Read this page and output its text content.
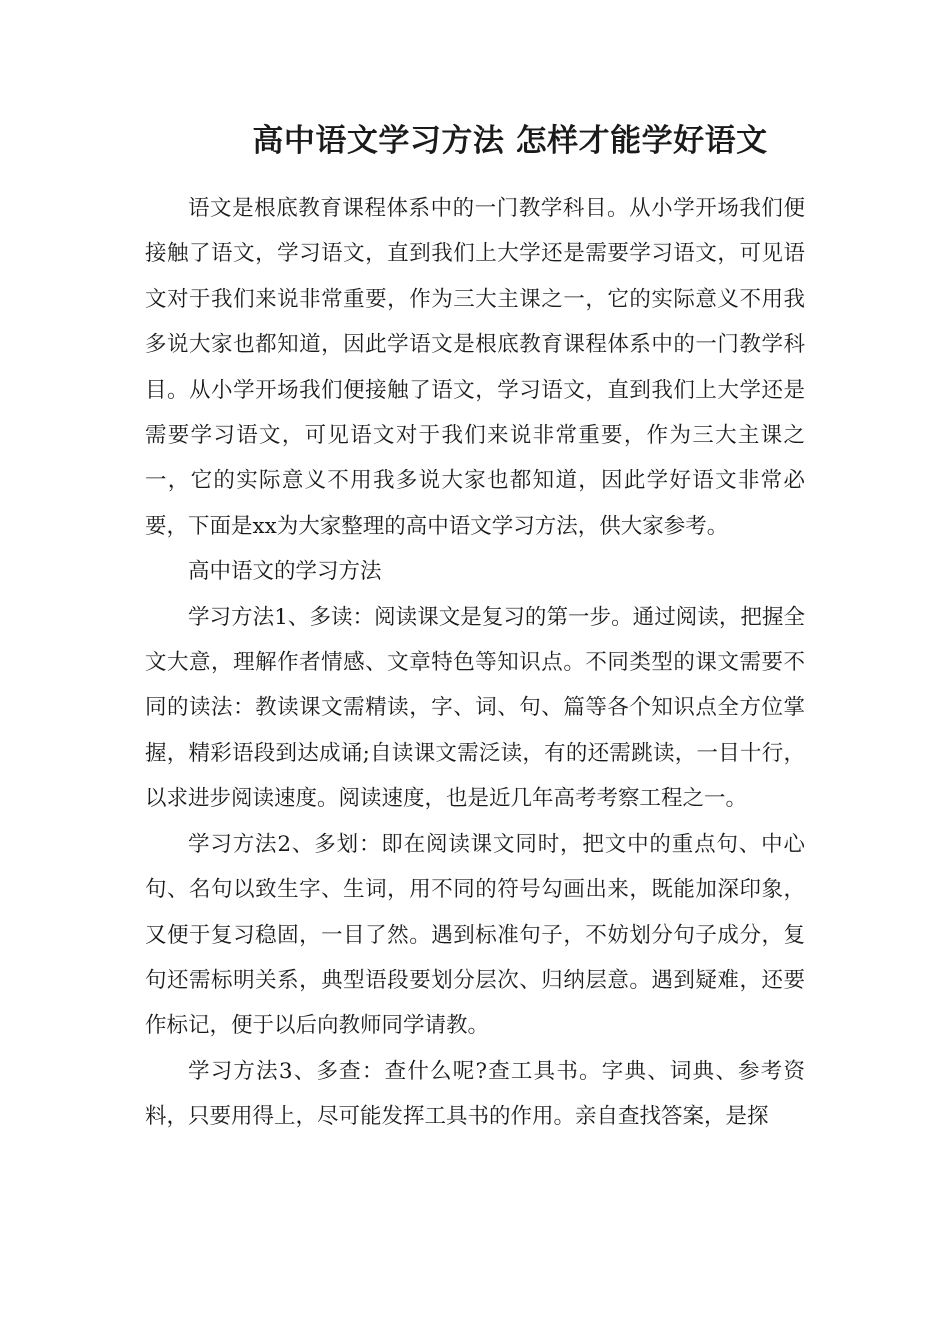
高中语文学习方法 怎样才能学好语文

语文是根底教育课程体系中的一门教学科目。从小学开场我们便接触了语文，学习语文，直到我们上大学还是需要学习语文，可见语文对于我们来说非常重要，作为三大主课之一，它的实际意义不用我多说大家也都知道，因此学语文是根底教育课程体系中的一门教学科目。从小学开场我们便接触了语文，学习语文，直到我们上大学还是需要学习语文，可见语文对于我们来说非常重要，作为三大主课之一，它的实际意义不用我多说大家也都知道，因此学好语文非常必要，下面是xx为大家整理的高中语文学习方法，供大家参考。

高中语文的学习方法

学习方法1、多读：阅读课文是复习的第一步。通过阅读，把握全文大意，理解作者情感、文章特色等知识点。不同类型的课文需要不同的读法：教读课文需精读，字、词、句、篇等各个知识点全方位掌握，精彩语段到达成诵;自读课文需泛读，有的还需跳读，一目十行，以求进步阅读速度。阅读速度，也是近几年高考考察工程之一。

学习方法2、多划：即在阅读课文同时，把文中的重点句、中心句、名句以致生字、生词，用不同的符号勾画出来，既能加深印象，又便于复习稳固，一目了然。遇到标准句子，不妨划分句子成分，复句还需标明关系，典型语段要划分层次、归纳层意。遇到疑难，还要作标记，便于以后向教师同学请教。

学习方法3、多查：查什么呢?查工具书。字典、词典、参考资料，只要用得上，尽可能发挥工具书的作用。亲自查找答案，是探
